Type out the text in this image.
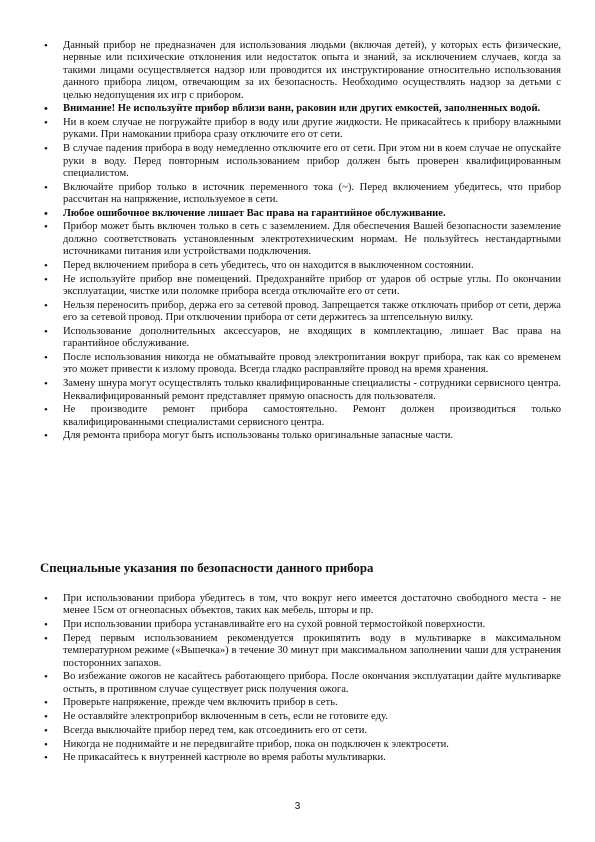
• Данный прибор не предназначен для использования людьми (включая детей), у которых есть физические, нервные или психические отклонения или недостаток опыта и знаний, за исключением случаев, когда за такими лицами осуществляется надзор или проводится их инструктирование относительно использования данного прибора лицом, отвечающим за их безопасность. Необходимо осуществлять надзор за детьми с целью недопущения их игр с прибором.
• Внимание! Не используйте прибор вблизи ванн, раковин или других емкостей, заполненных водой.
• Ни в коем случае не погружайте прибор в воду или другие жидкости. Не прикасайтесь к прибору влажными руками. При намокании прибора сразу отключите его от сети.
• В случае падения прибора в воду немедленно отключите его от сети. При этом ни в коем случае не опускайте руки в воду. Перед повторным использованием прибор должен быть проверен квалифицированным специалистом.
• Включайте прибор только в источник переменного тока (~). Перед включением убедитесь, что прибор рассчитан на напряжение, используемое в сети.
• Любое ошибочное включение лишает Вас права на гарантийное обслуживание.
• Прибор может быть включен только в сеть с заземлением. Для обеспечения Вашей безопасности заземление должно соответствовать установленным электротехническим нормам. Не пользуйтесь нестандартными источниками питания или устройствами подключения.
• Перед включением прибора в сеть убедитесь, что он находится в выключенном состоянии.
• Не используйте прибор вне помещений. Предохраняйте прибор от ударов об острые углы. По окончании эксплуатации, чистке или поломке прибора всегда отключайте его от сети.
• Нельзя переносить прибор, держа его за сетевой провод. Запрещается также отключать прибор от сети, держа его за сетевой провод. При отключении прибора от сети держитесь за штепсельную вилку.
• Использование дополнительных аксессуаров, не входящих в комплектацию, лишает Вас права на гарантийное обслуживание.
• После использования никогда не обматывайте провод электропитания вокруг прибора, так как со временем это может привести к излому провода. Всегда гладко расправляйте провод на время хранения.
• Замену шнура могут осуществлять только квалифицированные специалисты - сотрудники сервисного центра. Неквалифицированный ремонт представляет прямую опасность для пользователя.
• Не производите ремонт прибора самостоятельно. Ремонт должен производиться только квалифицированными специалистами сервисного центра.
• Для ремонта прибора могут быть использованы только оригинальные запасные части.
Специальные указания по безопасности данного прибора
• При использовании прибора убедитесь в том, что вокруг него имеется достаточно свободного места - не менее 15см от огнеопасных объектов, таких как мебель, шторы и пр.
• При использовании прибора устанавливайте его на сухой ровной термостойкой поверхности.
• Перед первым использованием рекомендуется прокипятить воду в мультиварке в максимальном температурном режиме («Выпечка») в течение 30 минут при максимальном заполнении чаши для устранения посторонних запахов.
• Во избежание ожогов не касайтесь работающего прибора. После окончания эксплуатации дайте мультиварке остыть, в противном случае существует риск получения ожога.
• Проверьте напряжение, прежде чем включить прибор в сеть.
• Не оставляйте электроприбор включенным в сеть, если не готовите еду.
• Всегда выключайте прибор перед тем, как отсоединить его от сети.
• Никогда не поднимайте и не передвигайте прибор, пока он подключен к электросети.
• Не прикасайтесь к внутренней кастрюле во время работы мультиварки.
3
